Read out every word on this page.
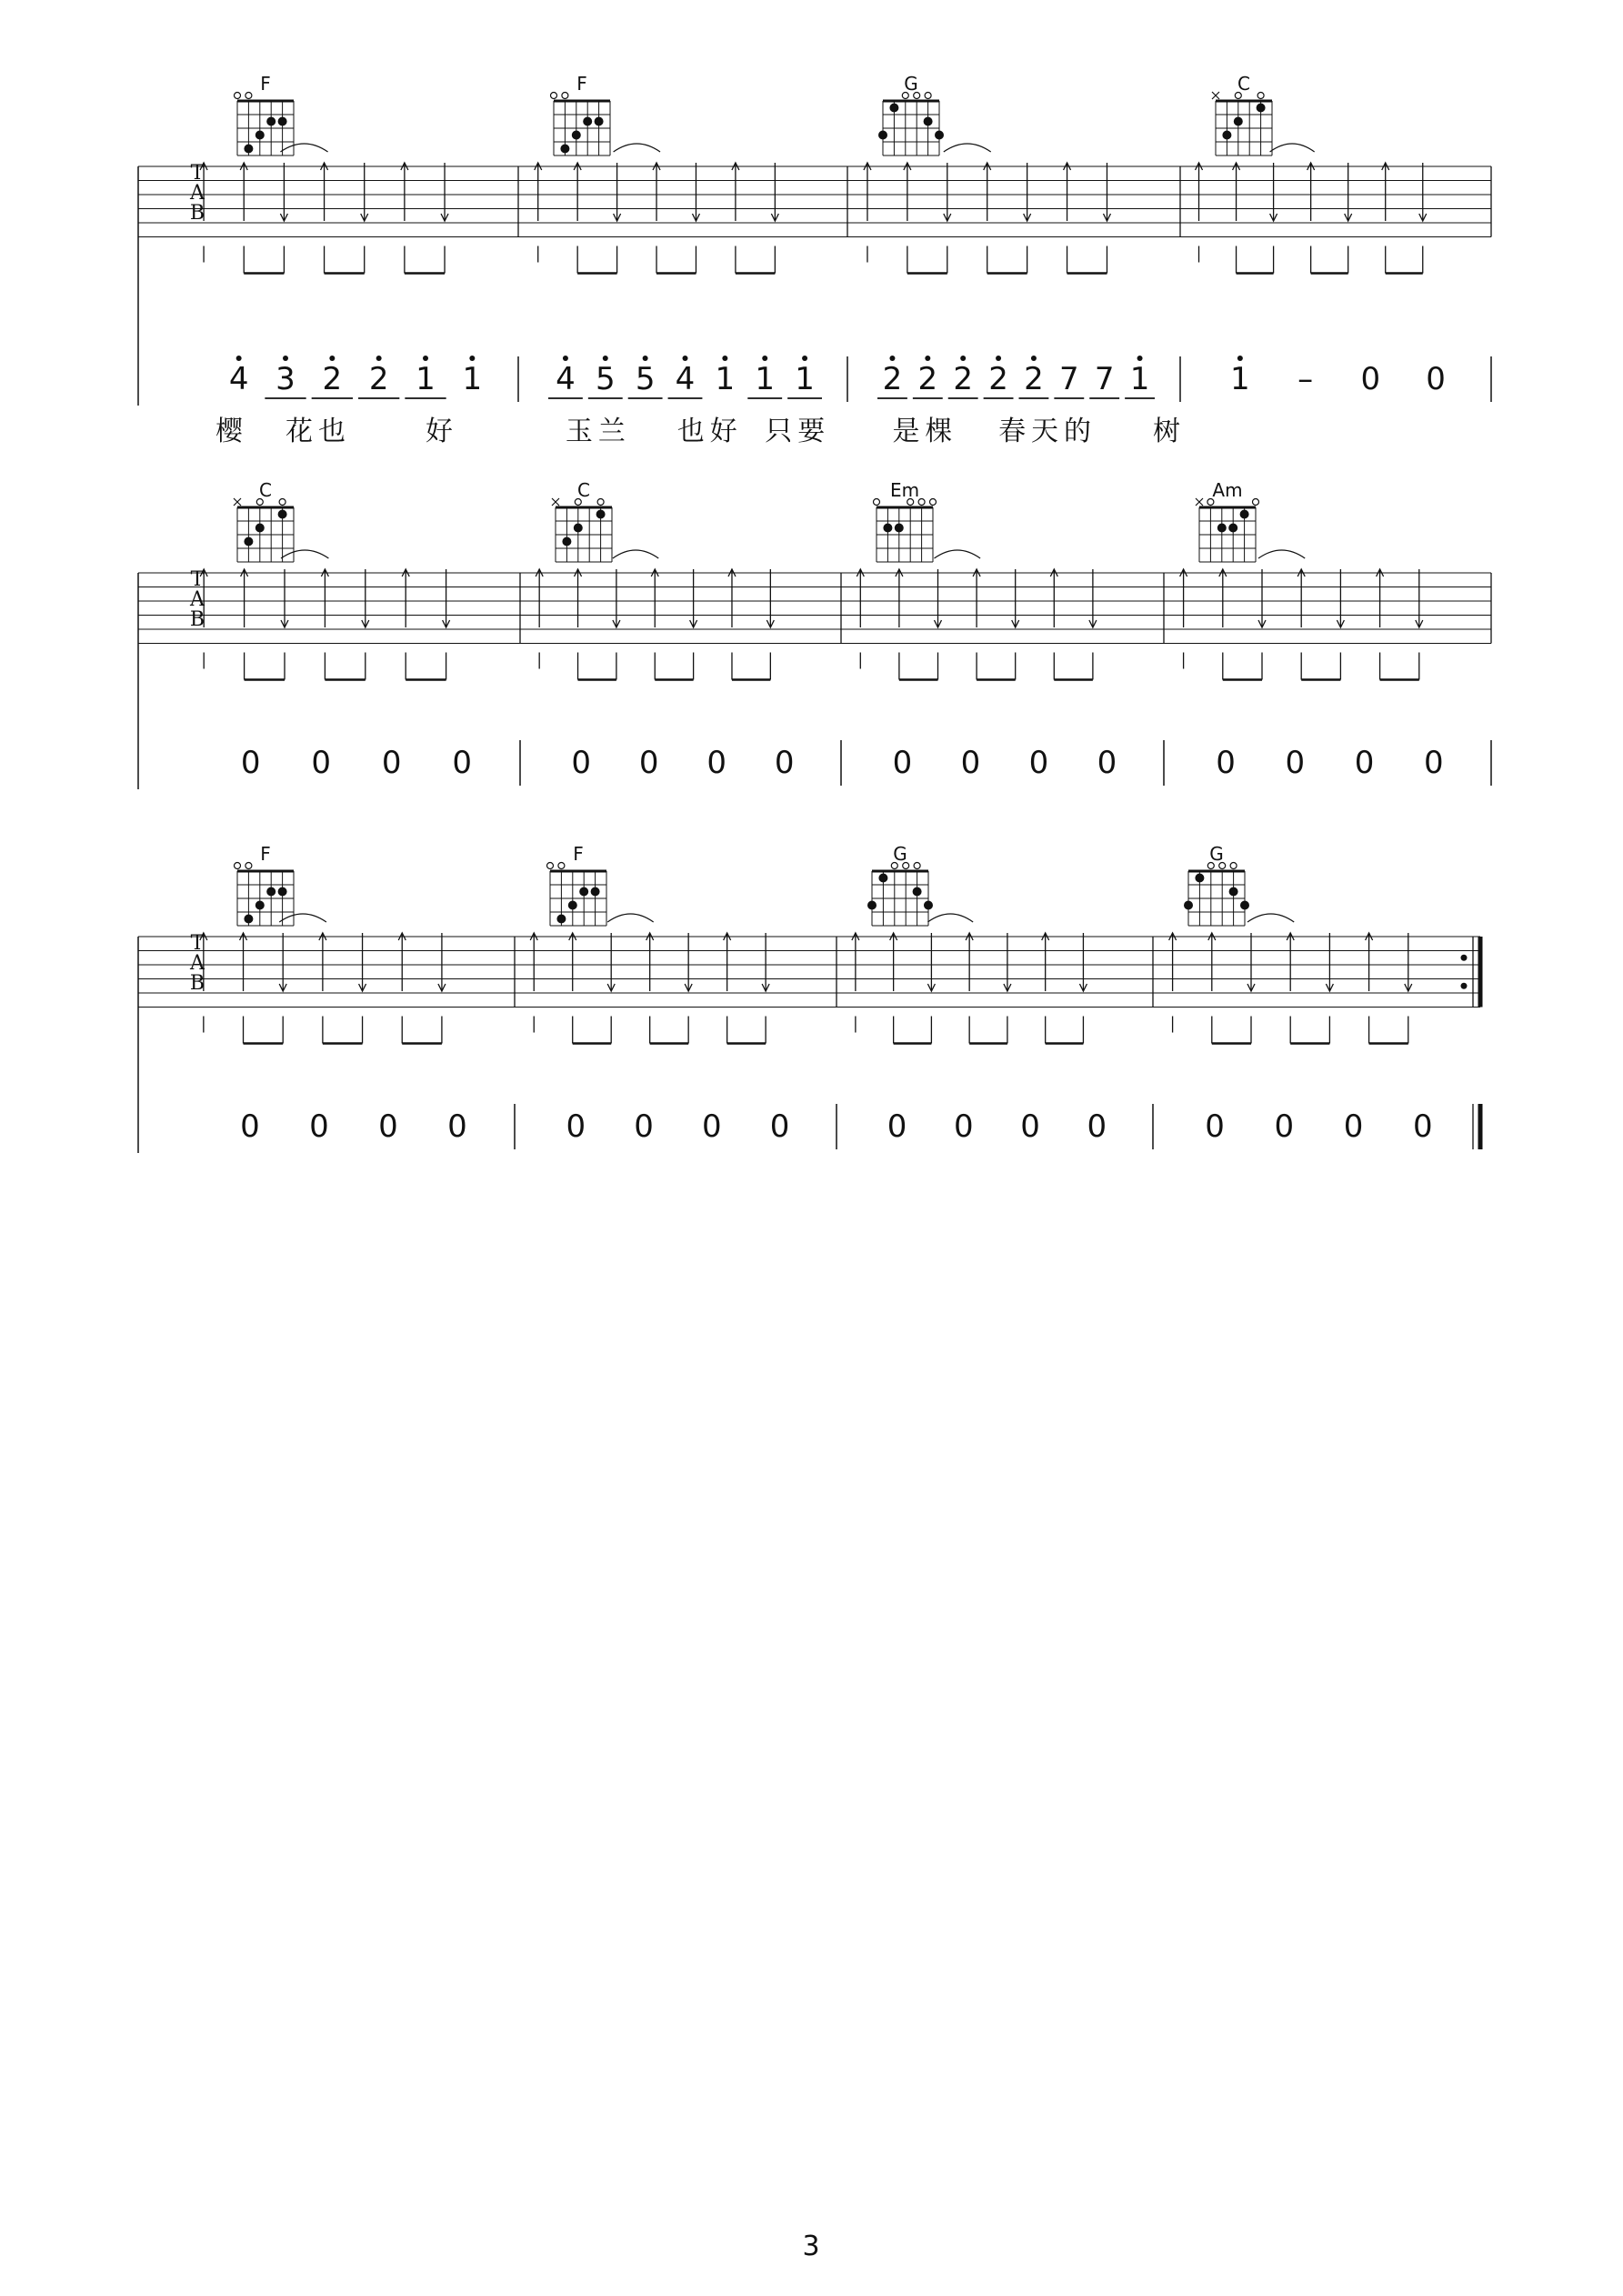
T
A
B
F
4 3 2 2 1 1
樱 花也	好
F
4 5 5 4 1 1 1
玉兰 也好 只要
G
2 2 2 2 2 7 7 1
是棵 春天的
C
1 – 0 0
树
T
A
B
C
0 0 0 0
C
0 0 0 0
Em
0 0 0 0
Am
0 0 0 0
T
A
B
F
0 0 0 0
F
0 0 0 0
G
0 0 0 0
G
0 0 0 0
3
